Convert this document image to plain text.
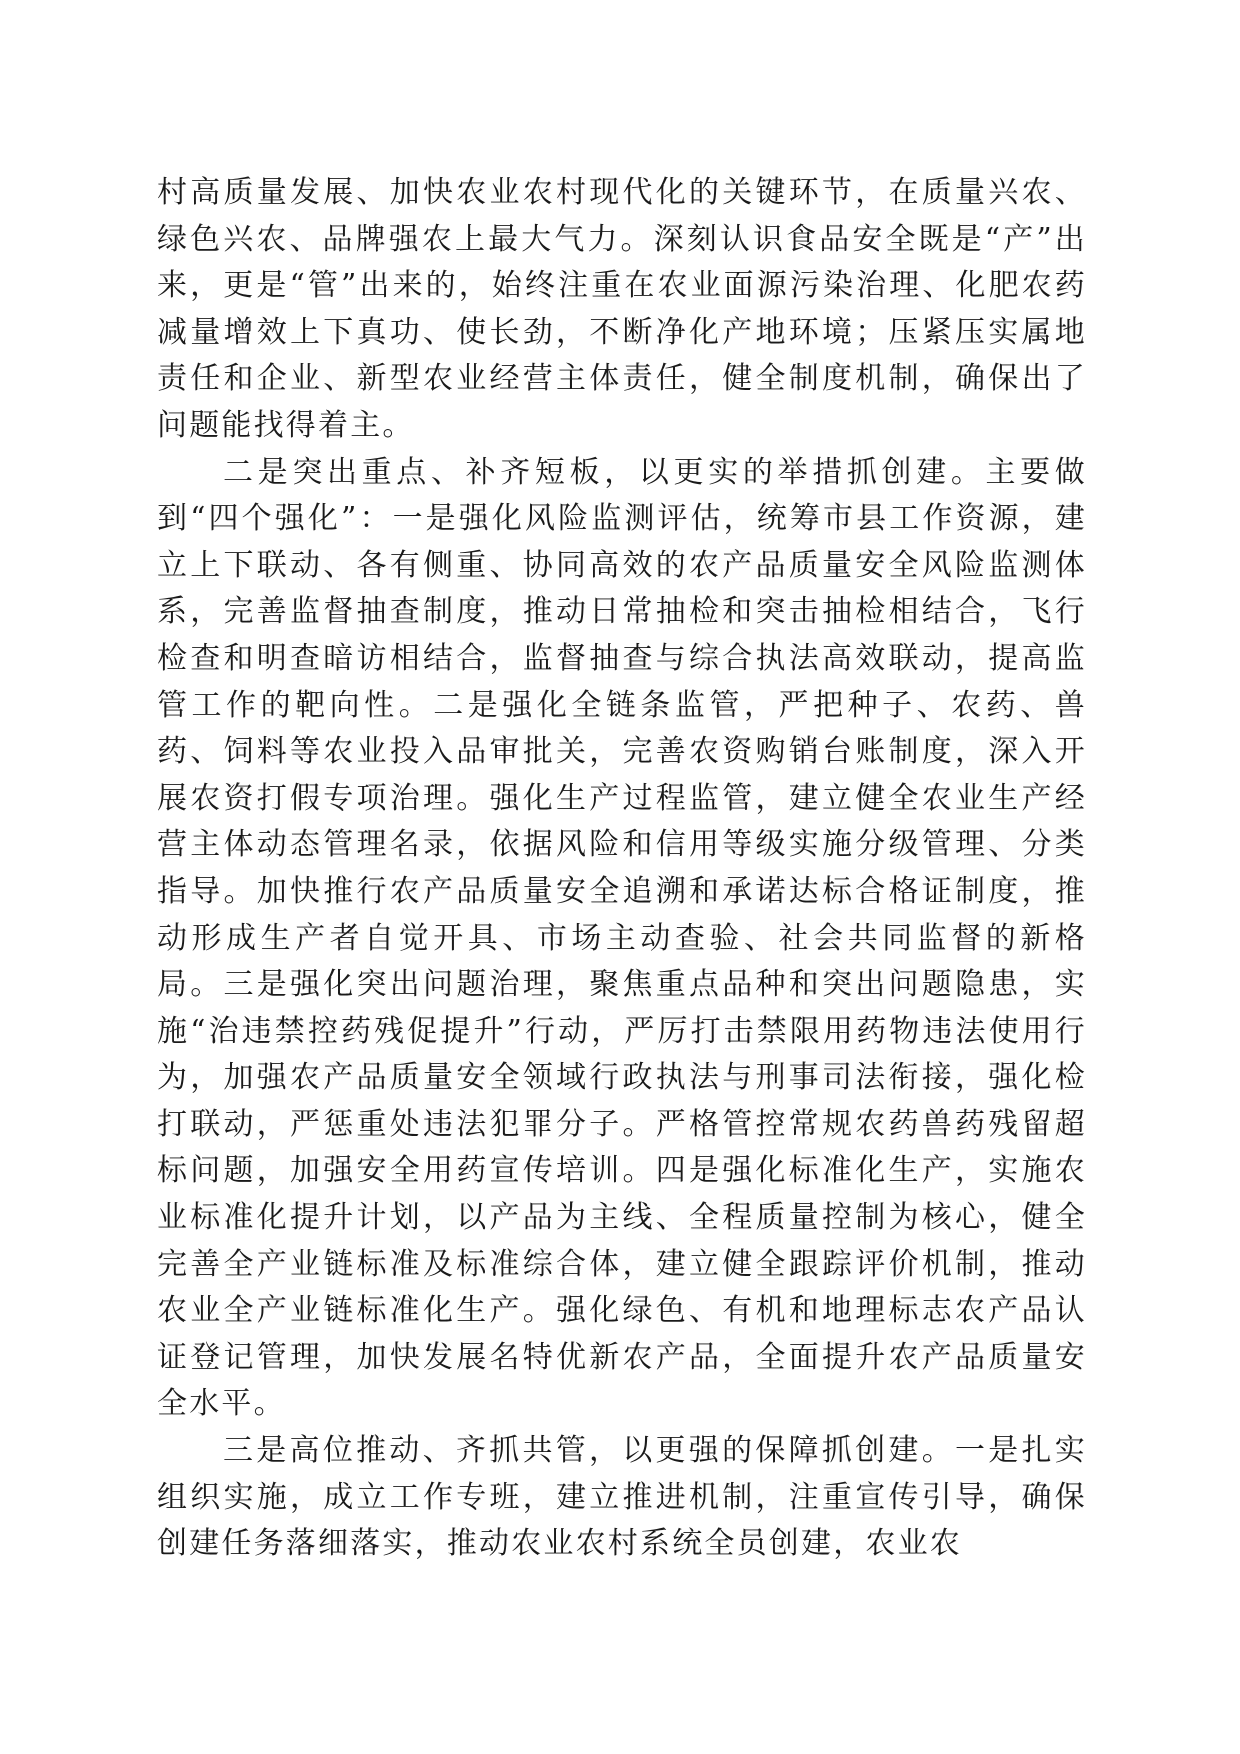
村高质量发展、加快农业农村现代化的关键环节，在质量兴农、绿色兴农、品牌强农上最大气力。深刻认识食品安全既是“产”出来，更是“管”出来的，始终注重在农业面源污染治理、化肥农药减量增效上下真功、使长劲，不断净化产地环境；压紧压实属地责任和企业、新型农业经营主体责任，健全制度机制，确保出了问题能找得着主。

二是突出重点、补齐短板，以更实的举措抓创建。主要做到“四个强化”：一是强化风险监测评估，统筹市县工作资源，建立上下联动、各有侧重、协同高效的农产品质量安全风险监测体系，完善监督抽查制度，推动日常抽检和突击抽检相结合，飞行检查和明查暗访相结合，监督抽查与综合执法高效联动，提高监管工作的靶向性。二是强化全链条监管，严把种子、农药、兽药、饲料等农业投入品审批关，完善农资购销台账制度，深入开展农资打假专项治理。强化生产过程监管，建立健全农业生产经营主体动态管理名录，依据风险和信用等级实施分级管理、分类指导。加快推行农产品质量安全追溯和承诺达标合格证制度，推动形成生产者自觉开具、市场主动查验、社会共同监督的新格局。三是强化突出问题治理，聚焦重点品种和突出问题隐患，实施“治违禁控药残促提升”行动，严厉打击禁限用药物违法使用行为，加强农产品质量安全领域行政执法与刑事司法衔接，强化检打联动，严惩重处违法犯罪分子。严格管控常规农药兽药残留超标问题，加强安全用药宣传培训。四是强化标准化生产，实施农业标准化提升计划，以产品为主线、全程质量控制为核心，健全完善全产业链标准及标准综合体，建立健全跟踪评价机制，推动农业全产业链标准化生产。强化绿色、有机和地理标志农产品认证登记管理，加快发展名特优新农产品，全面提升农产品质量安全水平。

三是高位推动、齐抓共管，以更强的保障抓创建。一是扎实组织实施，成立工作专班，建立推进机制，注重宣传引导，确保创建任务落细落实，推动农业农村系统全员创建，农业农
